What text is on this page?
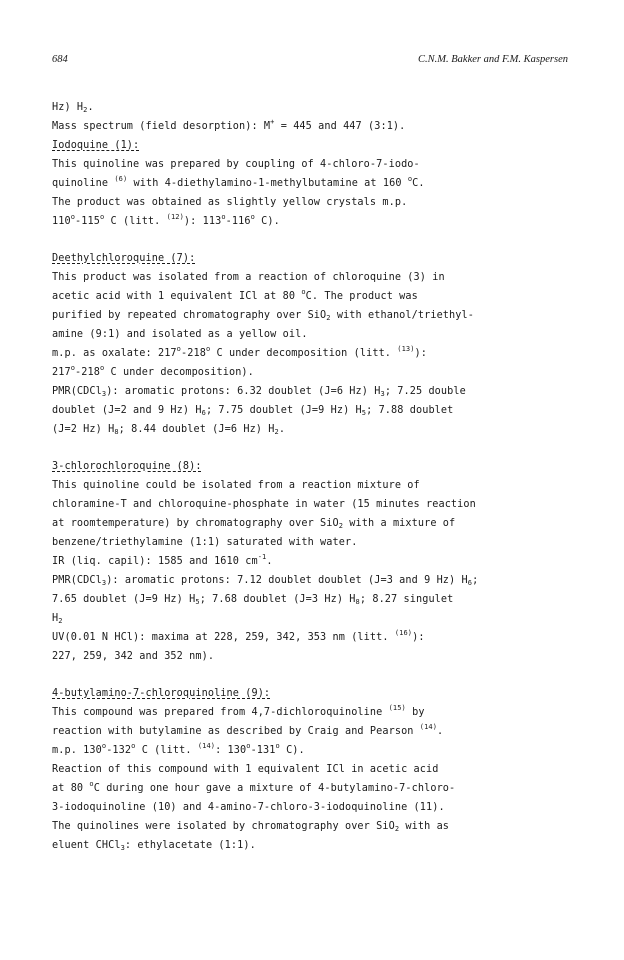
684	C.N.M. Bakker and F.M. Kaspersen
Hz) $H_2$.
Mass spectrum (field desorption): M+ = 445 and 447 (3:1).
Iodoquine (1):
This quinoline was prepared by coupling of 4-chloro-7-iodo-
quinoline $^{(6)}$ with 4-diethylamino-1-methylbutamine at 160 $^o$C.
The product was obtained as slightly yellow crystals m.p.
110$^o$-115$^o$ C (litt. $^{(12)}$): 113$^o$-116$^o$ C).
Deethylchloroquine (7):
This product was isolated from a reaction of chloroquine (3) in
acetic acid with 1 equivalent ICl at 80 $^o$C. The product was
purified by repeated chromatography over SiO$_2$ with ethanol/triethyl-
amine (9:1) and isolated as a yellow oil.
m.p. as oxalate: 217$^o$-218$^o$ C under decomposition (litt. $^{(13)}$):
217$^o$-218$^o$ C under decomposition).
PMR(CDCl$_3$): aromatic protons: 6.32 doublet (J=6 Hz) $H_3$; 7.25 double
doublet (J=2 and 9 Hz) $H_6$; 7.75 doublet (J=9 Hz) $H_5$; 7.88 doublet
(J=2 Hz) $H_8$; 8.44 doublet (J=6 Hz) $H_2$.
3-chlorochloroquine (8):
This quinoline could be isolated from a reaction mixture of
chloramine-T and chloroquine-phosphate in water (15 minutes reaction
at roomtemperature) by chromatography over SiO$_2$ with a mixture of
benzene/triethylamine (1:1) saturated with water.
IR (liq. capil): 1585 and 1610 $cm^{-1}$.
PMR(CDCl$_3$): aromatic protons: 7.12 doublet doublet (J=3 and 9 Hz) $H_6$;
7.65 doublet (J=9 Hz) $H_5$; 7.68 doublet (J=3 Hz) $H_8$; 8.27 singulet
$H_2$
UV(0.01 N HCl): maxima at 228, 259, 342, 353 nm (litt. $^{(16)}$):
227, 259, 342 and 352 nm).
4-butylamino-7-chloroquinoline (9):
This compound was prepared from 4,7-dichloroquinoline $^{(15)}$ by
reaction with butylamine as described by Craig and Pearson $^{(14)}$.
m.p. 130$^o$-132$^o$ C (litt. $^{(14)}$: 130$^o$-131$^o$ C).
Reaction of this compound with 1 equivalent ICl in acetic acid
at 80 $^o$C during one hour gave a mixture of 4-butylamino-7-chloro-
3-iodoquinoline (10) and 4-amino-7-chloro-3-iodoquinoline (11).
The quinolines were isolated by chromatography over SiO$_2$ with as
eluent CHCl$_3$: ethylacetate (1:1).
